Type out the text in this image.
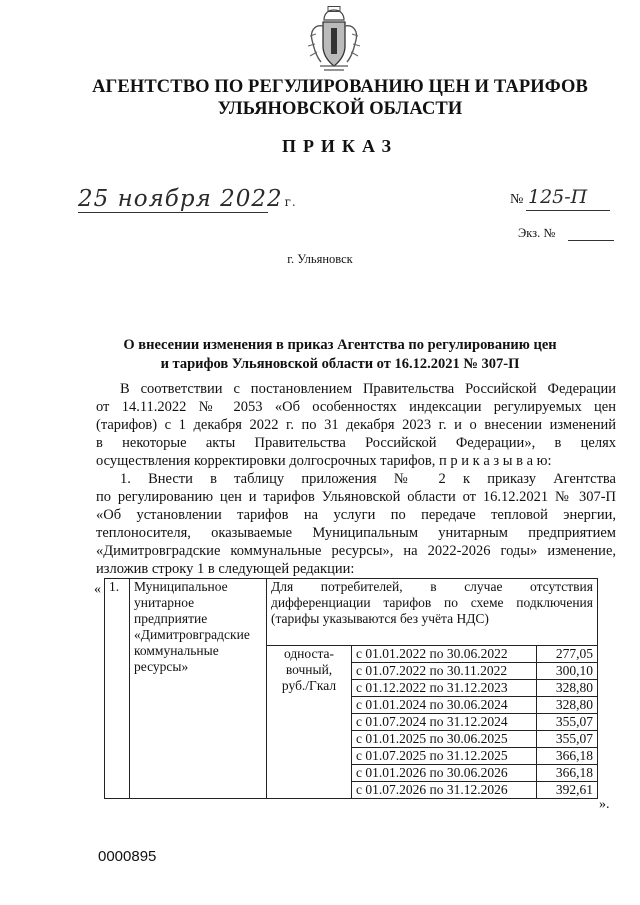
АГЕНТСТВО ПО РЕГУЛИРОВАНИЮ ЦЕН И ТАРИФОВ
УЛЬЯНОВСКОЙ ОБЛАСТИ
ПРИКАЗ
25 ноября 2022 г.	№ 125-П
Экз. №
г. Ульяновск
О внесении изменения в приказ Агентства по регулированию цен
и тарифов Ульяновской области от 16.12.2021 № 307-П
В соответствии с постановлением Правительства Российской Федерации
от 14.11.2022 № 2053 «Об особенностях индексации регулируемых цен
(тарифов) с 1 декабря 2022 г. по 31 декабря 2023 г. и о внесении изменений
в некоторые акты Правительства Российской Федерации», в целях
осуществления корректировки долгосрочных тарифов, п р и к а з ы в а ю:
1. Внести в таблицу приложения № 2 к приказу Агентства
по регулированию цен и тарифов Ульяновской области от 16.12.2021 № 307-П
«Об установлении тарифов на услуги по передаче тепловой энергии,
теплоносителя, оказываемые Муниципальным унитарным предприятием
«Димитровградские коммунальные ресурсы», на 2022-2026 годы» изменение,
изложив строку 1 в следующей редакции:
« 1.	Муниципальное унитарное предприятие «Димитровградские коммунальные ресурсы»	Для потребителей, в случае отсутствия дифференциации тарифов по схеме подключения (тарифы указываются без учёта НДС)		
		односта-вочный, руб./Гкал	с 01.01.2022 по 30.06.2022	277,05
			с 01.07.2022 по 30.11.2022	300,10
			с 01.12.2022 по 31.12.2023	328,80
			с 01.01.2024 по 30.06.2024	328,80
			с 01.07.2024 по 31.12.2024	355,07
			с 01.01.2025 по 30.06.2025	355,07
			с 01.07.2025 по 31.12.2025	366,18
			с 01.01.2026 по 30.06.2026	366,18
			с 01.07.2026 по 31.12.2026	392,61
».
0000895
